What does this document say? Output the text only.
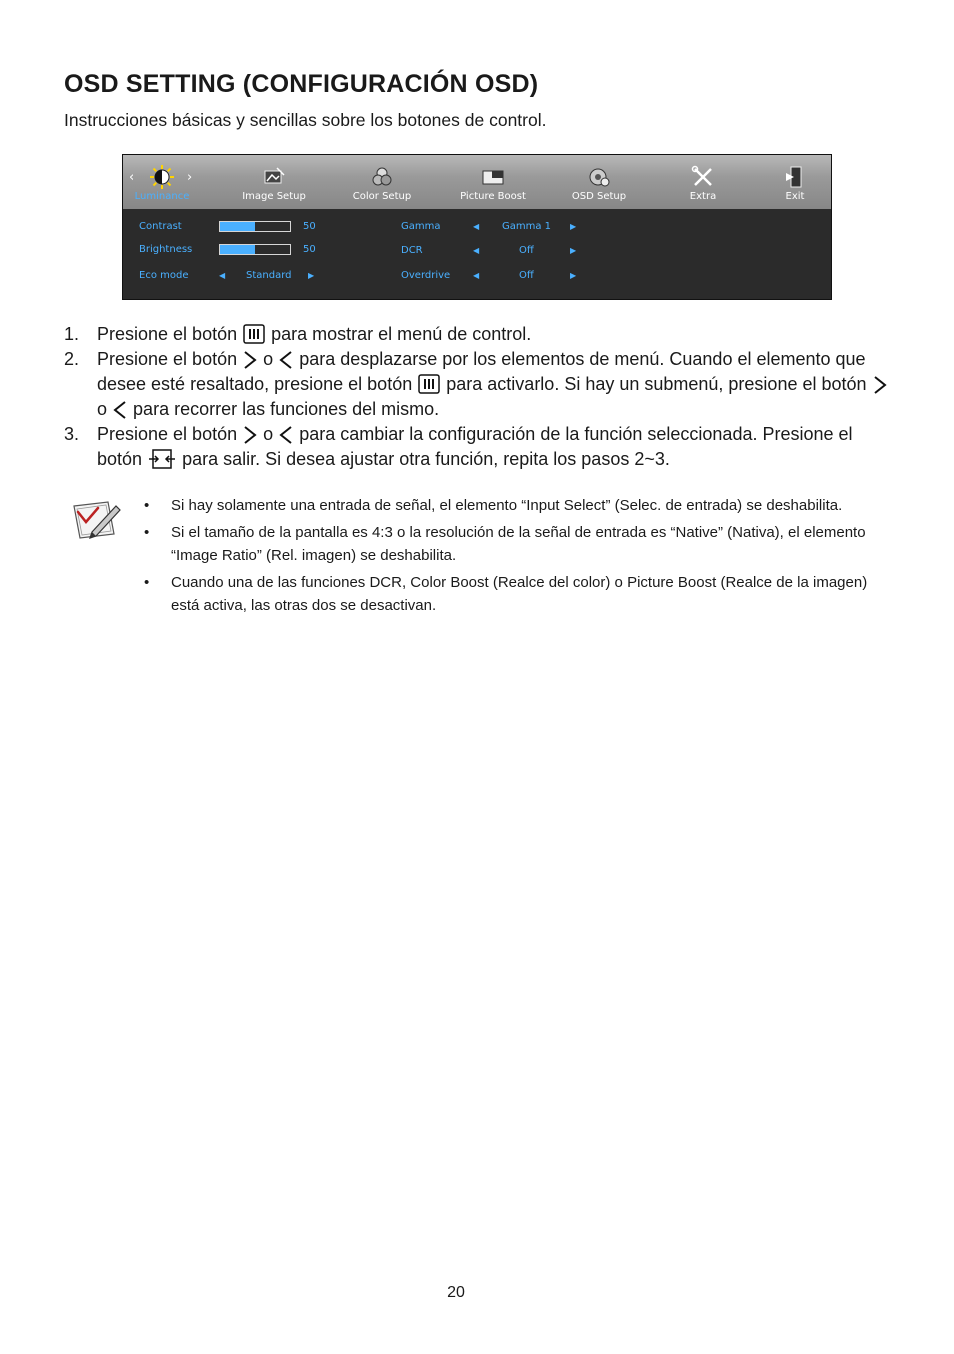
OSD SETTING (CONFIGURACIÓN OSD)
Instrucciones básicas y sencillas sobre los botones de control.
‹	›
Luminance	Image Setup	Color Setup	Picture Boost	OSD Setup	Extra	Exit
Contrast	50
Brightness	50
Eco mode	◀ Standard ▶
Gamma	◀ Gamma 1 ▶
DCR	◀	Off	▶
Overdrive	◀	Off	▶

1. Presione el botón para mostrar el menú de control.

2. Presione el botón o para desplazarse por los elementos de menú. Cuando el elemento que desee esté resaltado, presione el botón para activarlo. Si hay un submenú, presione el botón  o para recorrer las funciones del mismo.

3. Presione el botón o para cambiar la configuración de la función seleccionada. Presione el botón para salir. Si desea ajustar otra función, repita los pasos 2~3.

• Si hay solamente una entrada de señal, el elemento “Input Select” (Selec. de entrada) se deshabilita.
• Si el tamaño de la pantalla es 4:3 o la resolución de la señal de entrada es “Native” (Nativa), el elemento “Image Ratio” (Rel. imagen) se deshabilita.
• Cuando una de las funciones DCR, Color Boost (Realce del color) o Picture Boost (Realce de la imagen) está activa, las otras dos se desactivan.
20
